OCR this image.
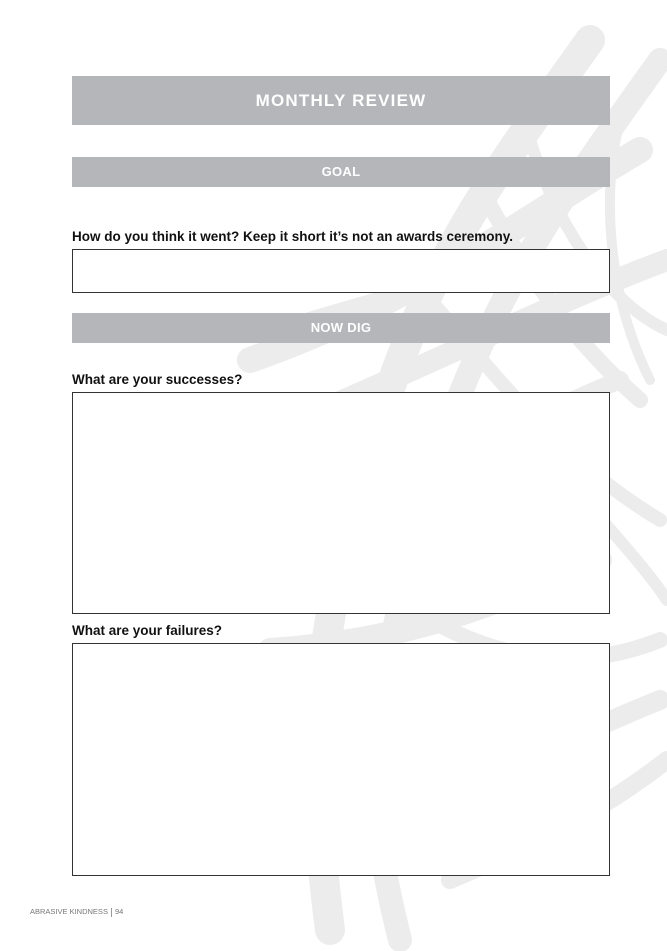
MONTHLY REVIEW
GOAL
How do you think it went? Keep it short it’s not an awards ceremony.
NOW DIG
What are your successes?
What are your failures?
ABRASIVE KINDNESS 94
